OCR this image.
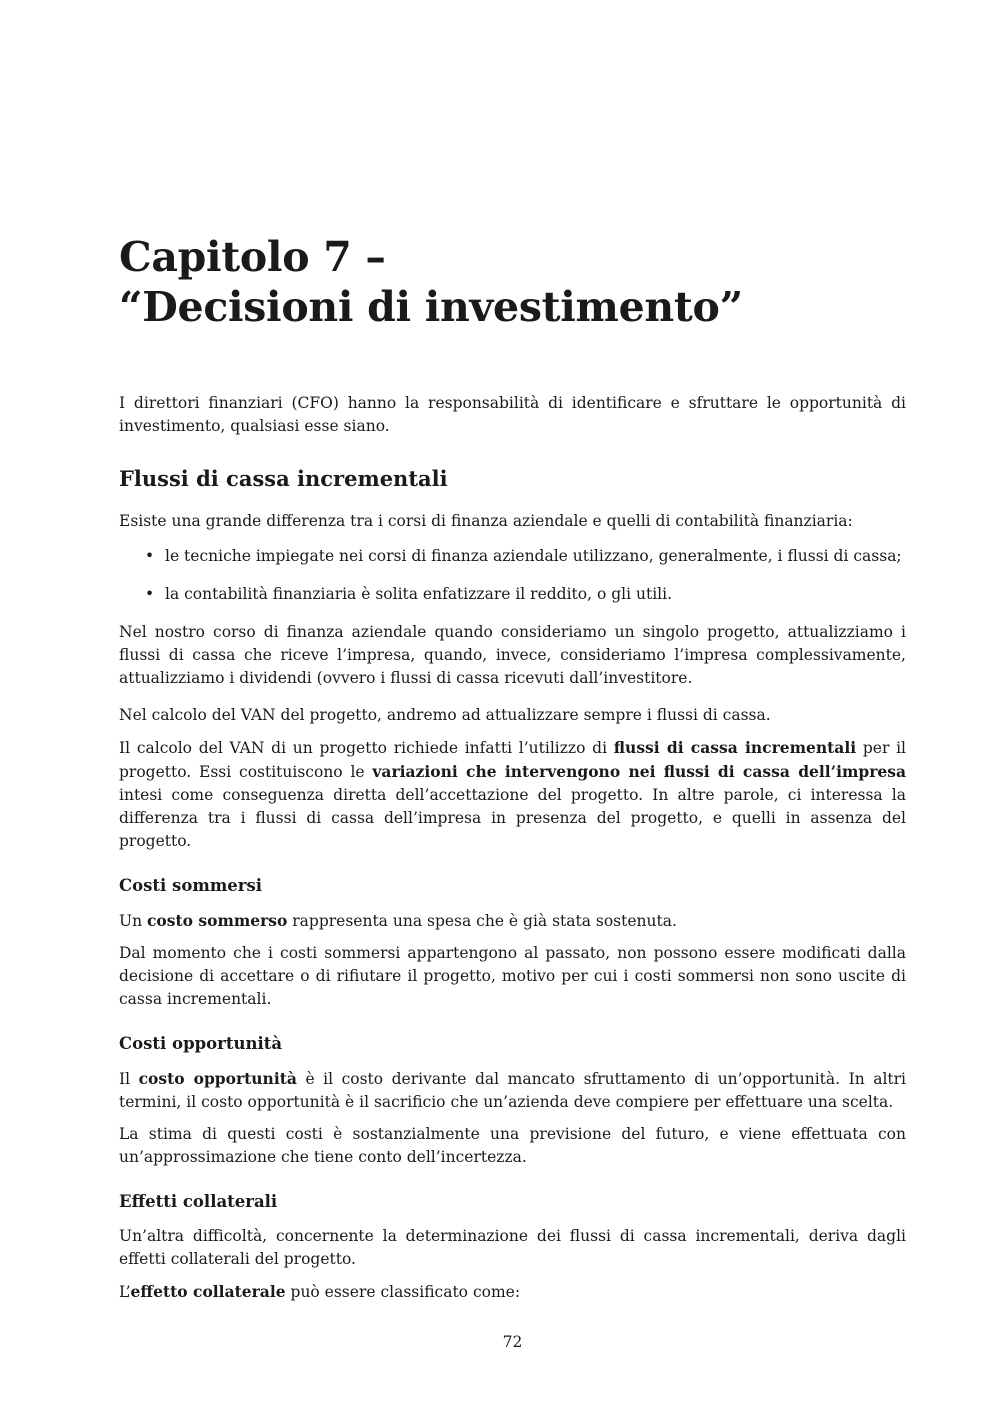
Capitolo 7 –
“Decisioni di investimento”

I direttori finanziari (CFO) hanno la responsabilità di identificare e sfruttare le opportunità di investimento, qualsiasi esse siano.

Flussi di cassa incrementali

Esiste una grande differenza tra i corsi di finanza aziendale e quelli di contabilità finanziaria:

• le tecniche impiegate nei corsi di finanza aziendale utilizzano, generalmente, i flussi di cassa;
• la contabilità finanziaria è solita enfatizzare il reddito, o gli utili.

Nel nostro corso di finanza aziendale quando consideriamo un singolo progetto, attualizziamo i flussi di cassa che riceve l’impresa, quando, invece, consideriamo l’impresa complessivamente, attualizziamo i dividendi (ovvero i flussi di cassa ricevuti dall’investitore.

Nel calcolo del VAN del progetto, andremo ad attualizzare sempre i flussi di cassa.

Il calcolo del VAN di un progetto richiede infatti l’utilizzo di flussi di cassa incrementali per il progetto. Essi costituiscono le variazioni che intervengono nei flussi di cassa dell’impresa intesi come conseguenza diretta dell’accettazione del progetto. In altre parole, ci interessa la differenza tra i flussi di cassa dell’impresa in presenza del progetto, e quelli in assenza del progetto.

Costi sommersi

Un costo sommerso rappresenta una spesa che è già stata sostenuta.

Dal momento che i costi sommersi appartengono al passato, non possono essere modificati dalla decisione di accettare o di rifiutare il progetto, motivo per cui i costi sommersi non sono uscite di cassa incrementali.

Costi opportunità

Il costo opportunità è il costo derivante dal mancato sfruttamento di un’opportunità. In altri termini, il costo opportunità è il sacrificio che un’azienda deve compiere per effettuare una scelta.

La stima di questi costi è sostanzialmente una previsione del futuro, e viene effettuata con un’approssimazione che tiene conto dell’incertezza.

Effetti collaterali

Un’altra difficoltà, concernente la determinazione dei flussi di cassa incrementali, deriva dagli effetti collaterali del progetto.

L’effetto collaterale può essere classificato come:

72
